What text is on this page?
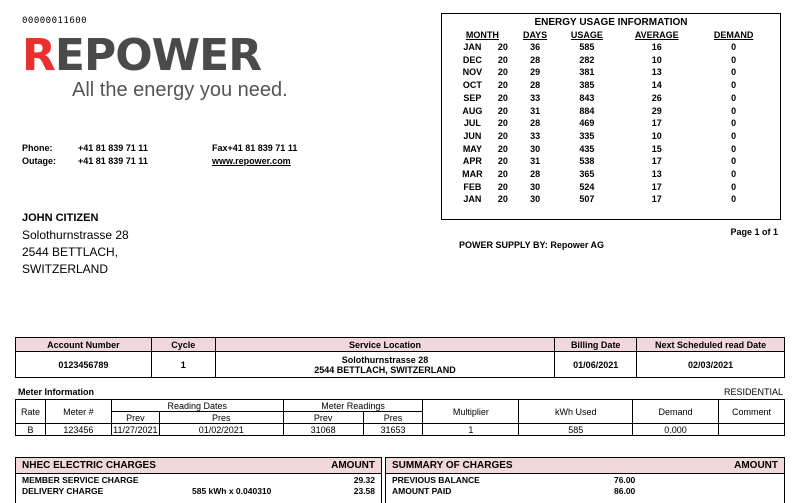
00000011600
REPOWER
All the energy you need.
Phone:	+41 81 839 71 11
Outage: +41 81 839 71 11
Fax+41 81 839 71 11
www.repower.com
JOHN CITIZEN
Solothurnstrasse 28
2544 BETTLACH,
SWITZERLAND
ENERGY USAGE INFORMATION
MONTH		DAYS	USAGE	AVERAGE	DEMAND
JAN	20	36	585	16	0
DEC	20	28	282	10	0
NOV	20	29	381	13	0
OCT	20	28	385	14	0
SEP	20	33	843	26	0
AUG	20	31	884	29	0
JUL	20	28	469	17	0
JUN	20	33	335	10	0
MAY	20	30	435	15	0
APR	20	31	538	17	0
MAR	20	28	365	13	0
FEB	20	30	524	17	0
JAN	20	30	507	17	0
Page 1 of 1
POWER SUPPLY BY: Repower AG
Account Number	Cycle	Service Location	Billing Date	Next Scheduled read Date
0123456789	1	Solothurnstrasse 28
2544 BETTLACH, SWITZERLAND	01/06/2021	02/03/2021
Meter Information	RESIDENTIAL
Rate	Meter #	Reading Dates		Meter Readings		Multiplier	kWh Used	Demand	Comment
		Prev	Pres	Prev	Pres				
B	123456	11/27/2021	01/02/2021	31068	31653	1	585	0.000	
NHEC ELECTRIC CHARGES	AMOUNT
MEMBER SERVICE CHARGE	29.32
DELIVERY CHARGE	585 kWh x 0.040310	23.58
SUMMARY OF CHARGES	AMOUNT
PREVIOUS BALANCE	76.00
AMOUNT PAID	86.00
